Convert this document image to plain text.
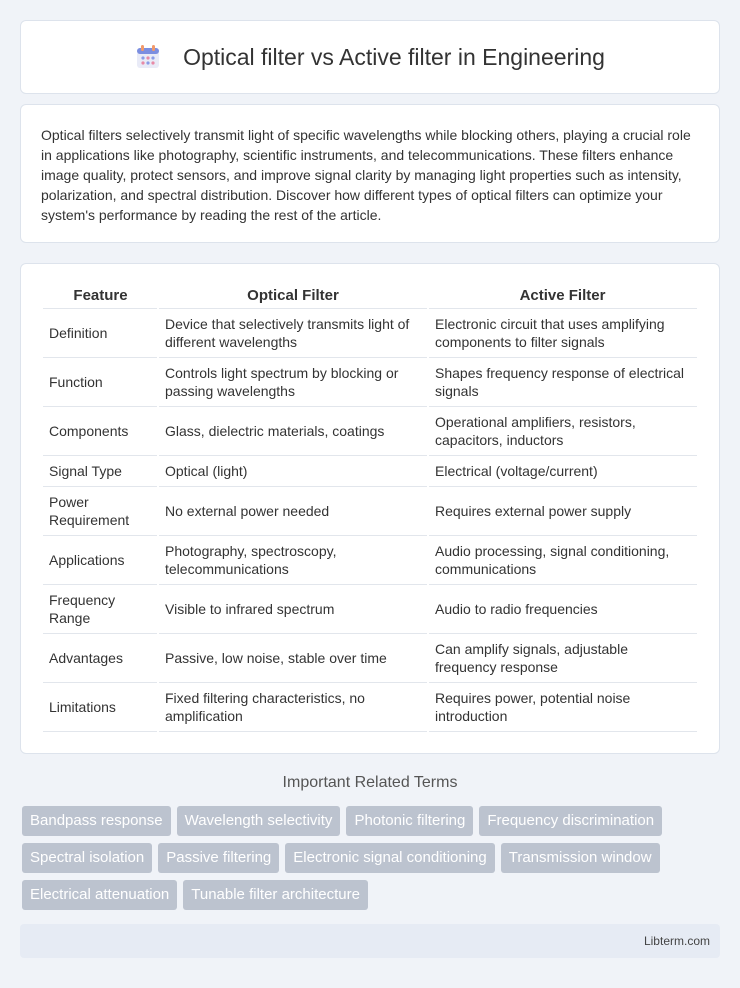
Optical filter vs Active filter in Engineering

Optical filters selectively transmit light of specific wavelengths while blocking others, playing a crucial role in applications like photography, scientific instruments, and telecommunications. These filters enhance image quality, protect sensors, and improve signal clarity by managing light properties such as intensity, polarization, and spectral distribution. Discover how different types of optical filters can optimize your system's performance by reading the rest of the article.

Feature	Optical Filter	Active Filter
Definition	Device that selectively transmits light of different wavelengths	Electronic circuit that uses amplifying components to filter signals
Function	Controls light spectrum by blocking or passing wavelengths	Shapes frequency response of electrical signals
Components	Glass, dielectric materials, coatings	Operational amplifiers, resistors, capacitors, inductors
Signal Type	Optical (light)	Electrical (voltage/current)
Power Requirement	No external power needed	Requires external power supply
Applications	Photography, spectroscopy, telecommunications	Audio processing, signal conditioning, communications
Frequency Range	Visible to infrared spectrum	Audio to radio frequencies
Advantages	Passive, low noise, stable over time	Can amplify signals, adjustable frequency response
Limitations	Fixed filtering characteristics, no amplification	Requires power, potential noise introduction
Important Related Terms
Bandpass response	Wavelength selectivity	Photonic filtering	Frequency discrimination
Spectral isolation	Passive filtering	Electronic signal conditioning	Transmission window
Electrical attenuation	Tunable filter architecture
Libterm.com
